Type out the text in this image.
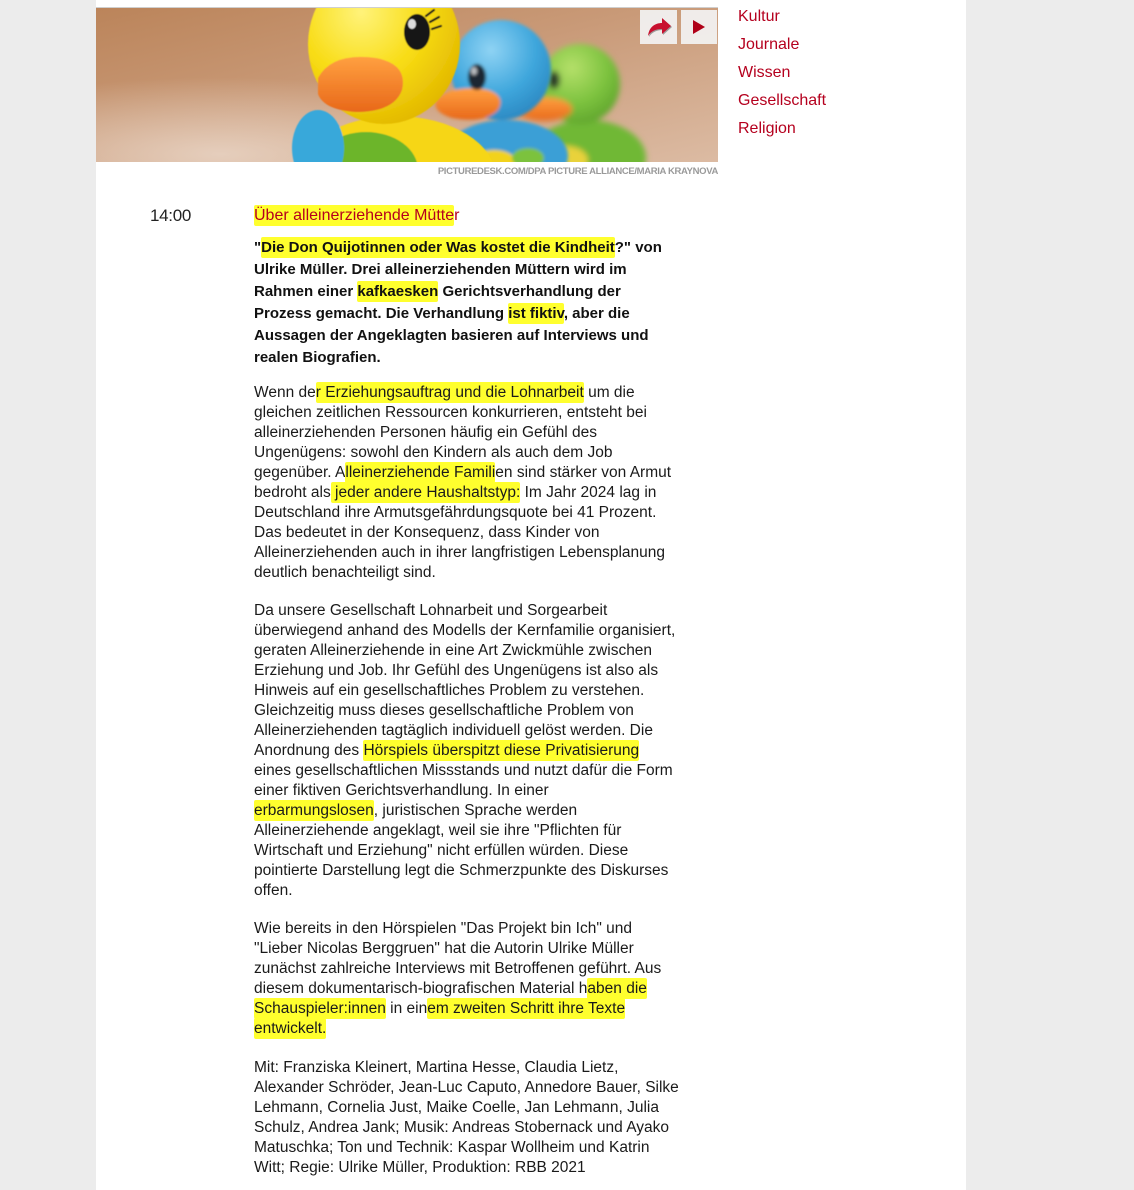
PICTUREDESK.COM/DPA PICTURE ALLIANCE/MARIA KRAYNOVA
Kultur
Journale
Wissen
Gesellschaft
Religion
14:00	Über alleinerziehende Mütter
"Die Don Quijotinnen oder Was kostet die Kindheit?" von
Ulrike Müller. Drei alleinerziehenden Müttern wird im
Rahmen einer kafkaesken Gerichtsverhandlung der
Prozess gemacht. Die Verhandlung ist fiktiv, aber die
Aussagen der Angeklagten basieren auf Interviews und
realen Biografien.
Wenn der Erziehungsauftrag und die Lohnarbeit um die
gleichen zeitlichen Ressourcen konkurrieren, entsteht bei
alleinerziehenden Personen häufig ein Gefühl des
Ungenügens: sowohl den Kindern als auch dem Job
gegenüber. Alleinerziehende Familien sind stärker von Armut
bedroht als jeder andere Haushaltstyp: Im Jahr 2024 lag in
Deutschland ihre Armutsgefährdungsquote bei 41 Prozent.
Das bedeutet in der Konsequenz, dass Kinder von
Alleinerziehenden auch in ihrer langfristigen Lebensplanung
deutlich benachteiligt sind.
Da unsere Gesellschaft Lohnarbeit und Sorgearbeit
überwiegend anhand des Modells der Kernfamilie organisiert,
geraten Alleinerziehende in eine Art Zwickmühle zwischen
Erziehung und Job. Ihr Gefühl des Ungenügens ist also als
Hinweis auf ein gesellschaftliches Problem zu verstehen.
Gleichzeitig muss dieses gesellschaftliche Problem von
Alleinerziehenden tagtäglich individuell gelöst werden. Die
Anordnung des Hörspiels überspitzt diese Privatisierung
eines gesellschaftlichen Missstands und nutzt dafür die Form
einer fiktiven Gerichtsverhandlung. In einer
erbarmungslosen, juristischen Sprache werden
Alleinerziehende angeklagt, weil sie ihre "Pflichten für
Wirtschaft und Erziehung" nicht erfüllen würden. Diese
pointierte Darstellung legt die Schmerzpunkte des Diskurses
offen.
Wie bereits in den Hörspielen "Das Projekt bin Ich" und
"Lieber Nicolas Berggruen" hat die Autorin Ulrike Müller
zunächst zahlreiche Interviews mit Betroffenen geführt. Aus
diesem dokumentarisch-biografischen Material haben die
Schauspieler:innen in einem zweiten Schritt ihre Texte
entwickelt.
Mit: Franziska Kleinert, Martina Hesse, Claudia Lietz,
Alexander Schröder, Jean-Luc Caputo, Annedore Bauer, Silke
Lehmann, Cornelia Just, Maike Coelle, Jan Lehmann, Julia
Schulz, Andrea Jank; Musik: Andreas Stobernack und Ayako
Matuschka; Ton und Technik: Kaspar Wollheim und Katrin
Witt; Regie: Ulrike Müller, Produktion: RBB 2021
